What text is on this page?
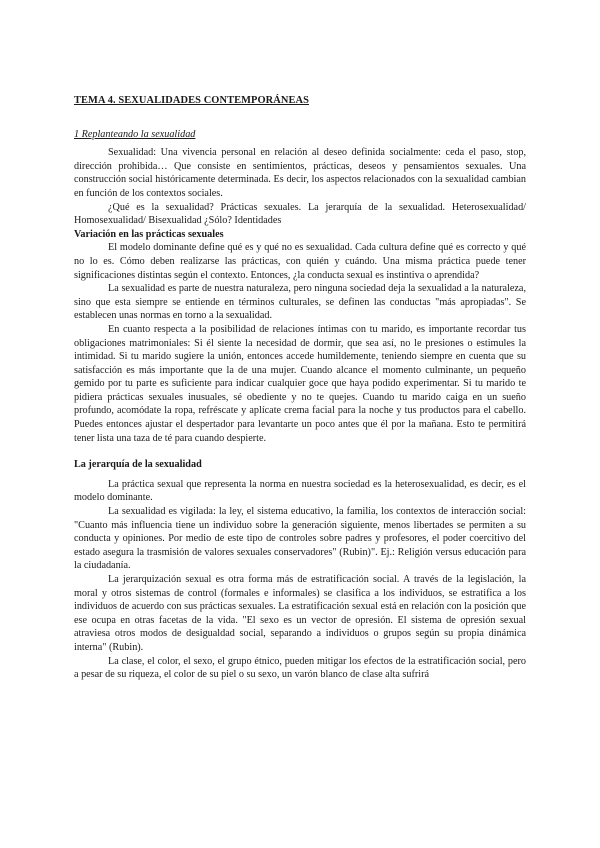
TEMA 4. SEXUALIDADES CONTEMPORÁNEAS

1 Replanteando la sexualidad

Sexualidad: Una vivencia personal en relación al deseo definida socialmente: ceda el paso, stop, dirección prohibida… Que consiste en sentimientos, prácticas, deseos y pensamientos sexuales. Una construcción social históricamente determinada. Es decir, los aspectos relacionados con la sexualidad cambian en función de los contextos sociales.

¿Qué es la sexualidad? Prácticas sexuales. La jerarquía de la sexualidad. Heterosexualidad/ Homosexualidad/ Bisexualidad ¿Sólo? Identidades

Variación en las prácticas sexuales

El modelo dominante define qué es y qué no es sexualidad. Cada cultura define qué es correcto y qué no lo es. Cómo deben realizarse las prácticas, con quién y cuándo. Una misma práctica puede tener significaciones distintas según el contexto. Entonces, ¿la conducta sexual es instintiva o aprendida?

La sexualidad es parte de nuestra naturaleza, pero ninguna sociedad deja la sexualidad a la naturaleza, sino que esta siempre se entiende en términos culturales, se definen las conductas "más apropiadas". Se establecen unas normas en torno a la sexualidad.

En cuanto respecta a la posibilidad de relaciones íntimas con tu marido, es importante recordar tus obligaciones matrimoniales: Si él siente la necesidad de dormir, que sea así, no le presiones o estimules la intimidad. Si tu marido sugiere la unión, entonces accede humildemente, teniendo siempre en cuenta que su satisfacción es más importante que la de una mujer. Cuando alcance el momento culminante, un pequeño gemido por tu parte es suficiente para indicar cualquier goce que haya podido experimentar. Si tu marido te pidiera prácticas sexuales inusuales, sé obediente y no te quejes. Cuando tu marido caiga en un sueño profundo, acomódate la ropa, refréscate y aplícate crema facial para la noche y tus productos para el cabello. Puedes entonces ajustar el despertador para levantarte un poco antes que él por la mañana. Esto te permitirá tener lista una taza de té para cuando despierte.

La jerarquía de la sexualidad

La práctica sexual que representa la norma en nuestra sociedad es la heterosexualidad, es decir, es el modelo dominante.

La sexualidad es vigilada: la ley, el sistema educativo, la familia, los contextos de interacción social: "Cuanto más influencia tiene un individuo sobre la generación siguiente, menos libertades se permiten a su conducta y opiniones. Por medio de este tipo de controles sobre padres y profesores, el poder coercitivo del estado asegura la trasmisión de valores sexuales conservadores" (Rubin)". Ej.: Religión versus educación para la ciudadanía.

La jerarquización sexual es otra forma más de estratificación social. A través de la legislación, la moral y otros sistemas de control (formales e informales) se clasifica a los individuos, se estratifica a los individuos de acuerdo con sus prácticas sexuales. La estratificación sexual está en relación con la posición que ese ocupa en otras facetas de la vida. "El sexo es un vector de opresión. El sistema de opresión sexual atraviesa otros modos de desigualdad social, separando a individuos o grupos según su propia dinámica interna" (Rubin).

La clase, el color, el sexo, el grupo étnico, pueden mitigar los efectos de la estratificación social, pero a pesar de su riqueza, el color de su piel o su sexo, un varón blanco de clase alta sufrirá
